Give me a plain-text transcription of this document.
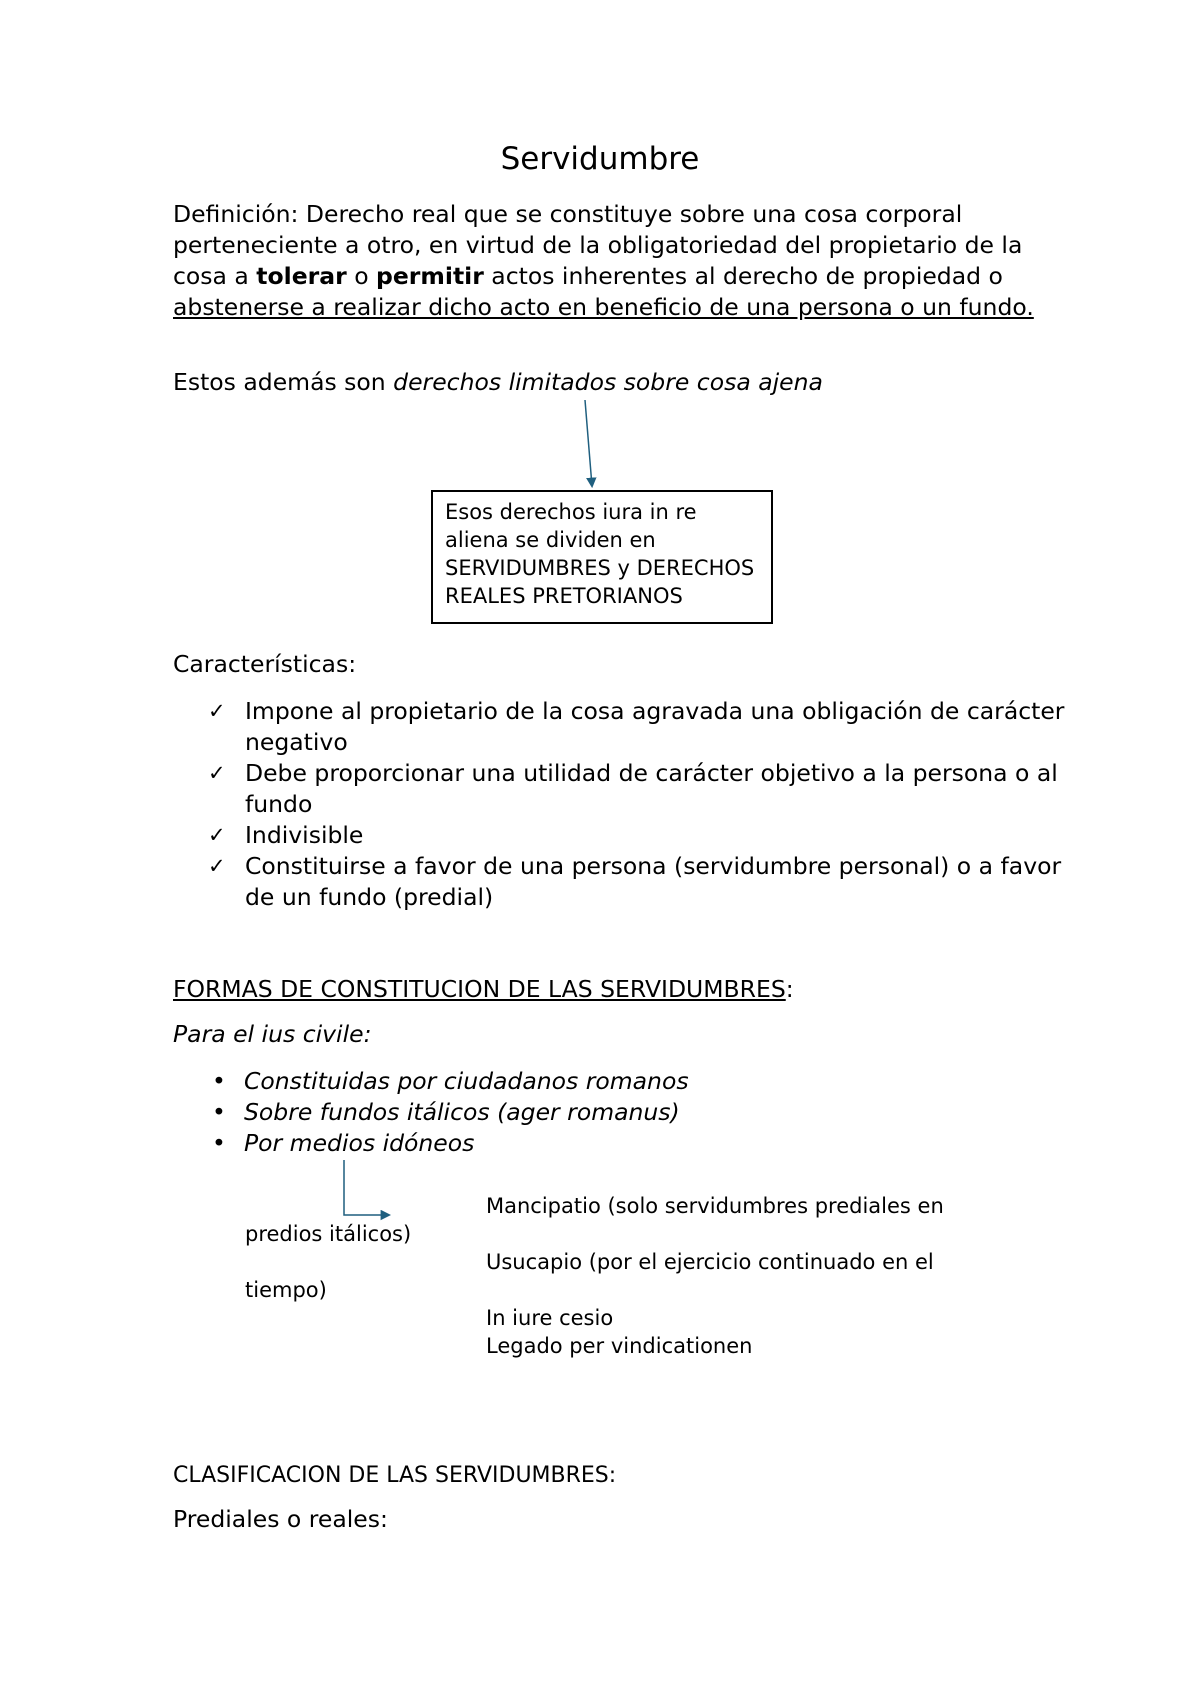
Servidumbre

Definición: Derecho real que se constituye sobre una cosa corporal perteneciente a otro, en virtud de la obligatoriedad del propietario de la cosa a tolerar o permitir actos inherentes al derecho de propiedad o abstenerse a realizar dicho acto en beneficio de una persona o un fundo.

Estos además son derechos limitados sobre cosa ajena

Esos derechos iura in re aliena se dividen en SERVIDUMBRES y DERECHOS REALES PRETORIANOS

Características:

✓ Impone al propietario de la cosa agravada una obligación de carácter negativo
✓ Debe proporcionar una utilidad de carácter objetivo a la persona o al fundo
✓ Indivisible
✓ Constituirse a favor de una persona (servidumbre personal) o a favor de un fundo (predial)

FORMAS DE CONSTITUCION DE LAS SERVIDUMBRES:

Para el ius civile:

• Constituidas por ciudadanos romanos
• Sobre fundos itálicos (ager romanus)
• Por medios idóneos
Mancipatio (solo servidumbres prediales en
predios itálicos)
Usucapio (por el ejercicio continuado en el
tiempo)
In iure cesio
Legado per vindicationen

CLASIFICACION DE LAS SERVIDUMBRES:

Prediales o reales:
